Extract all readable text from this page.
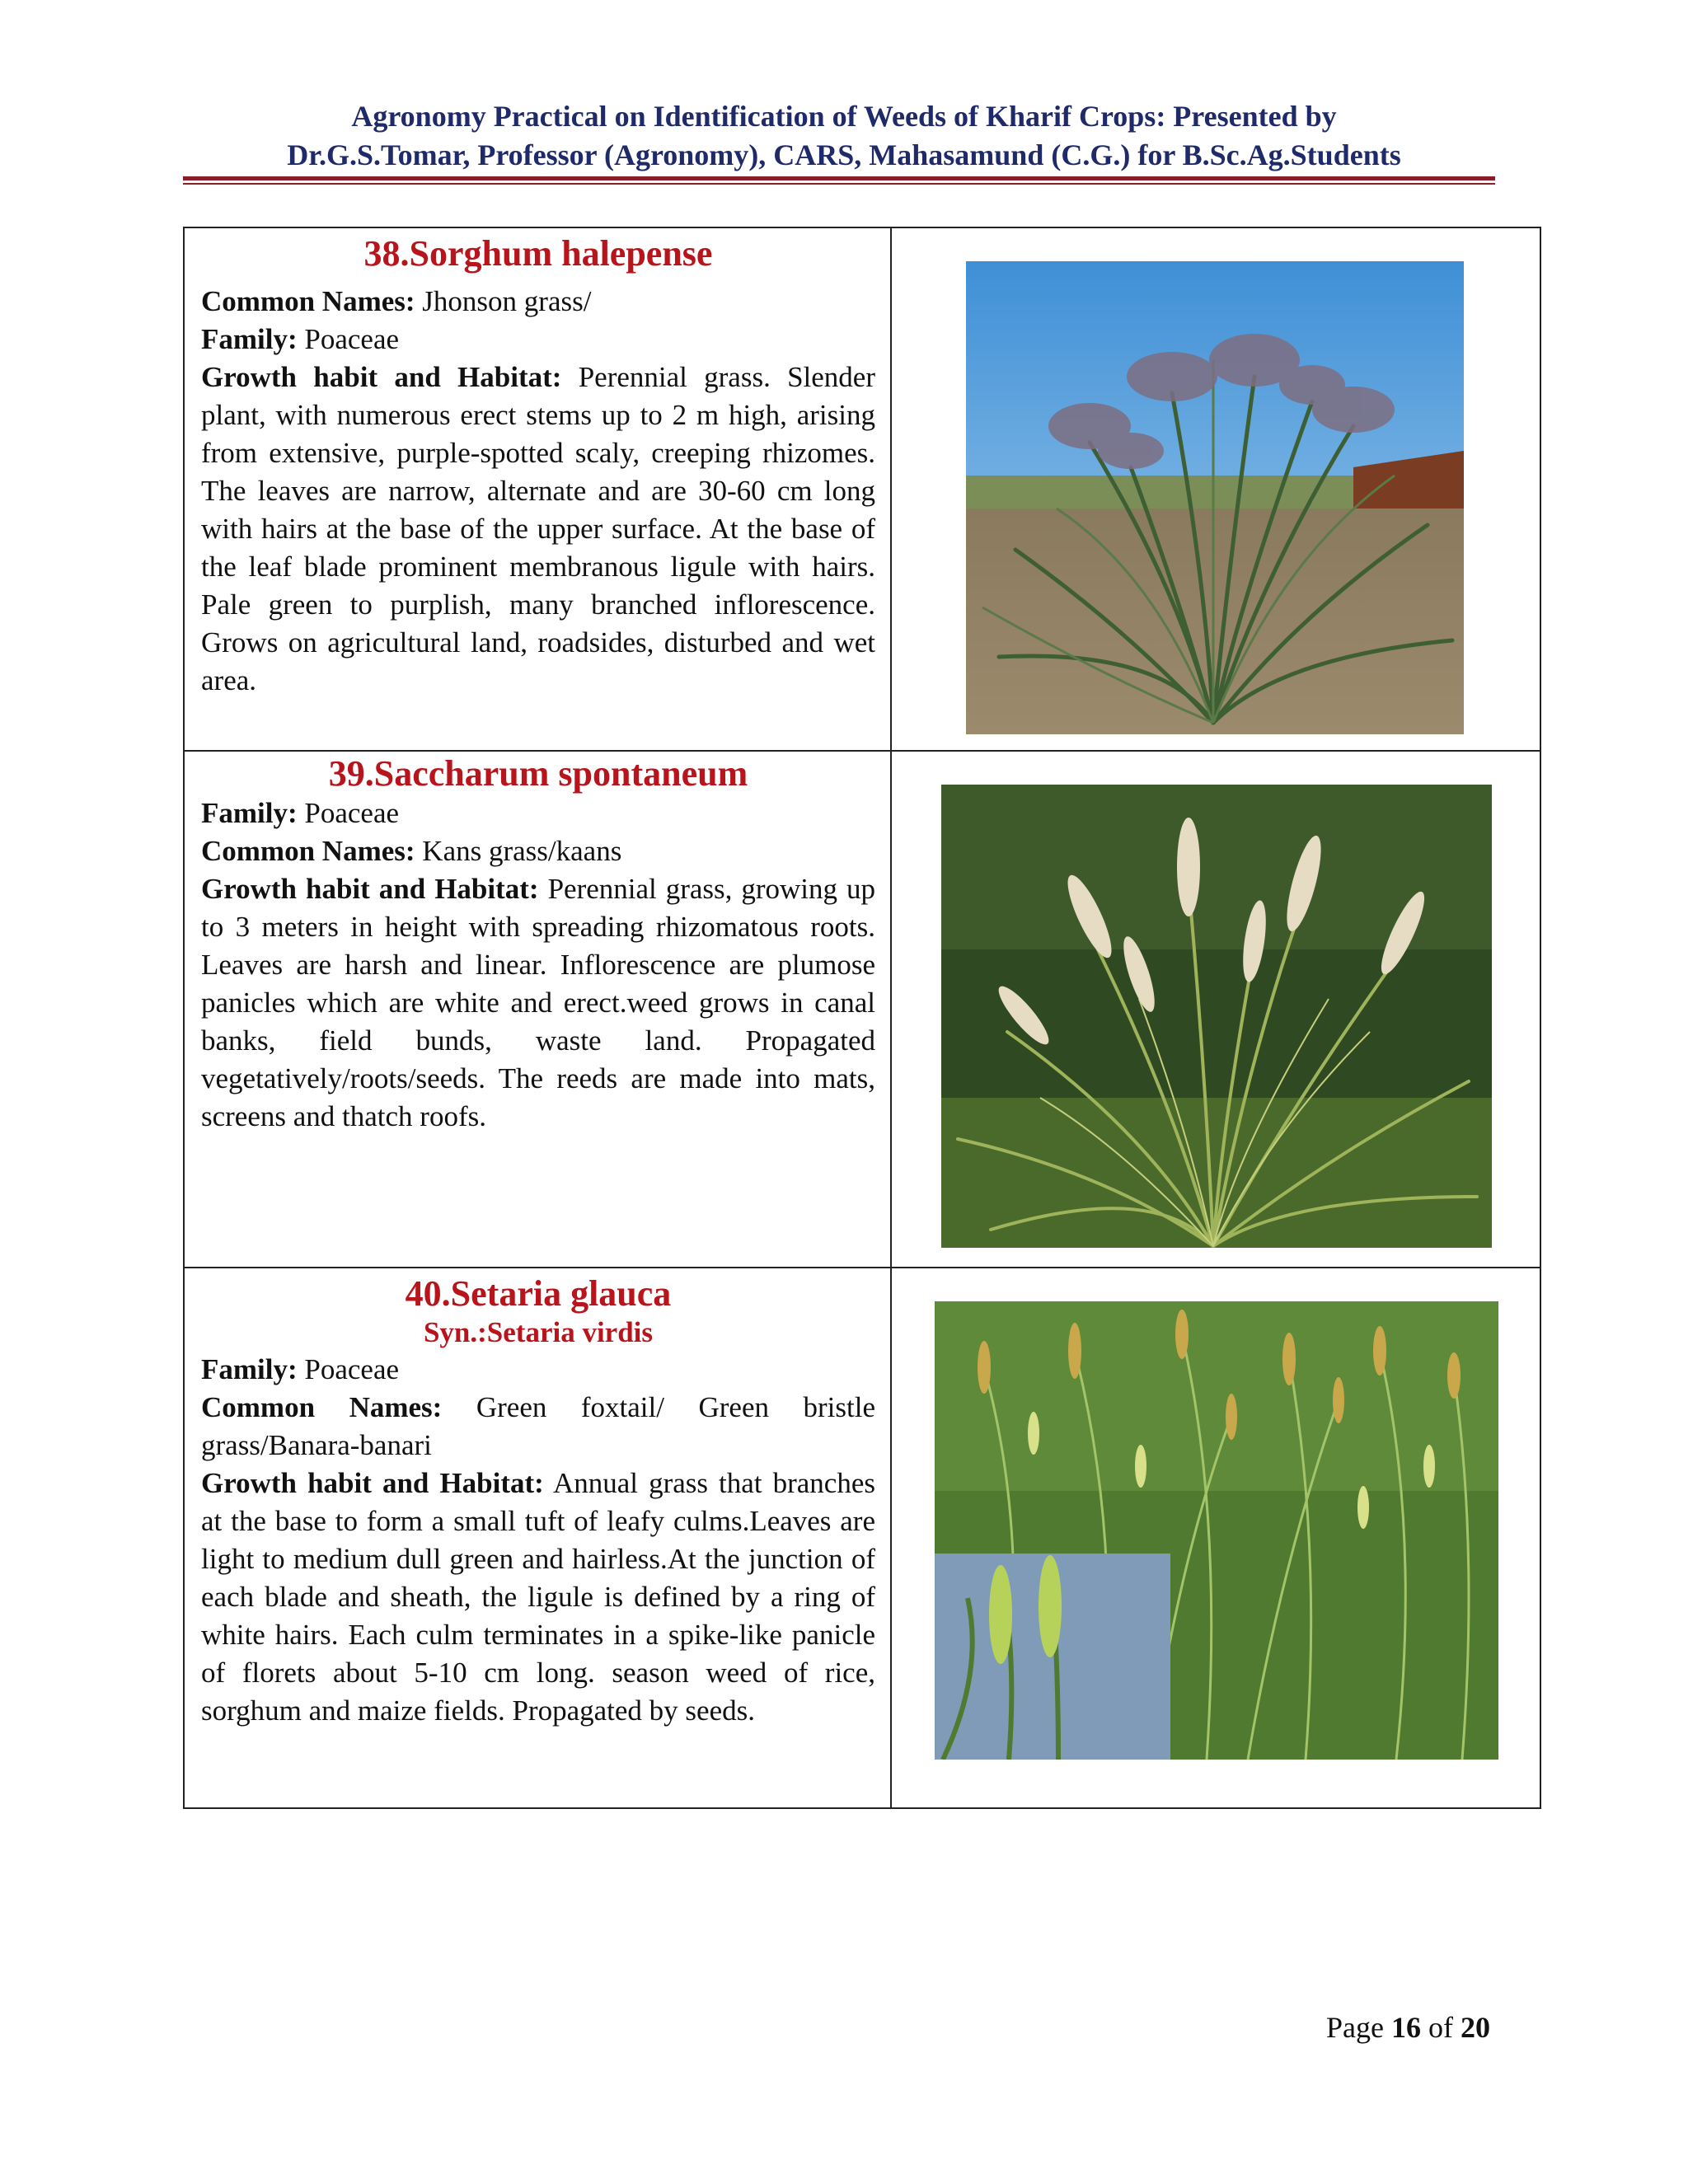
Agronomy Practical on Identification of Weeds of Kharif Crops: Presented by
Dr.G.S.Tomar, Professor (Agronomy), CARS, Mahasamund (C.G.) for B.Sc.Ag.Students
38.Sorghum halepense
Common Names: Jhonson grass/
Family: Poaceae
Growth habit and Habitat: Perennial grass. Slender plant, with numerous erect stems up to 2 m high, arising from extensive, purple-spotted scaly, creeping rhizomes. The leaves are narrow, alternate and are 30-60 cm long with hairs at the base of the upper surface. At the base of the leaf blade prominent membranous ligule with hairs. Pale green to purplish, many branched inflorescence. Grows on agricultural land, roadsides, disturbed and wet area.

39.Saccharum spontaneum
Family: Poaceae
Common Names: Kans grass/kaans
Growth habit and Habitat: Perennial grass, growing up to 3 meters in height with spreading rhizomatous roots. Leaves are harsh and linear. Inflorescence are plumose panicles which are white and erect.weed grows in canal banks, field bunds, waste land. Propagated vegetatively/roots/seeds. The reeds are made into mats, screens and thatch roofs.

40.Setaria glauca
Syn.:Setaria virdis
Family: Poaceae
Common Names: Green foxtail/ Green bristle grass/Banara-banari
Growth habit and Habitat: Annual grass that branches at the base to form a small tuft of leafy culms.Leaves are light to medium dull green and hairless.At the junction of each blade and sheath, the ligule is defined by a ring of white hairs. Each culm terminates in a spike-like panicle of florets about 5-10 cm long. season weed of rice, sorghum and maize fields. Propagated by seeds.

Page 16 of 20
